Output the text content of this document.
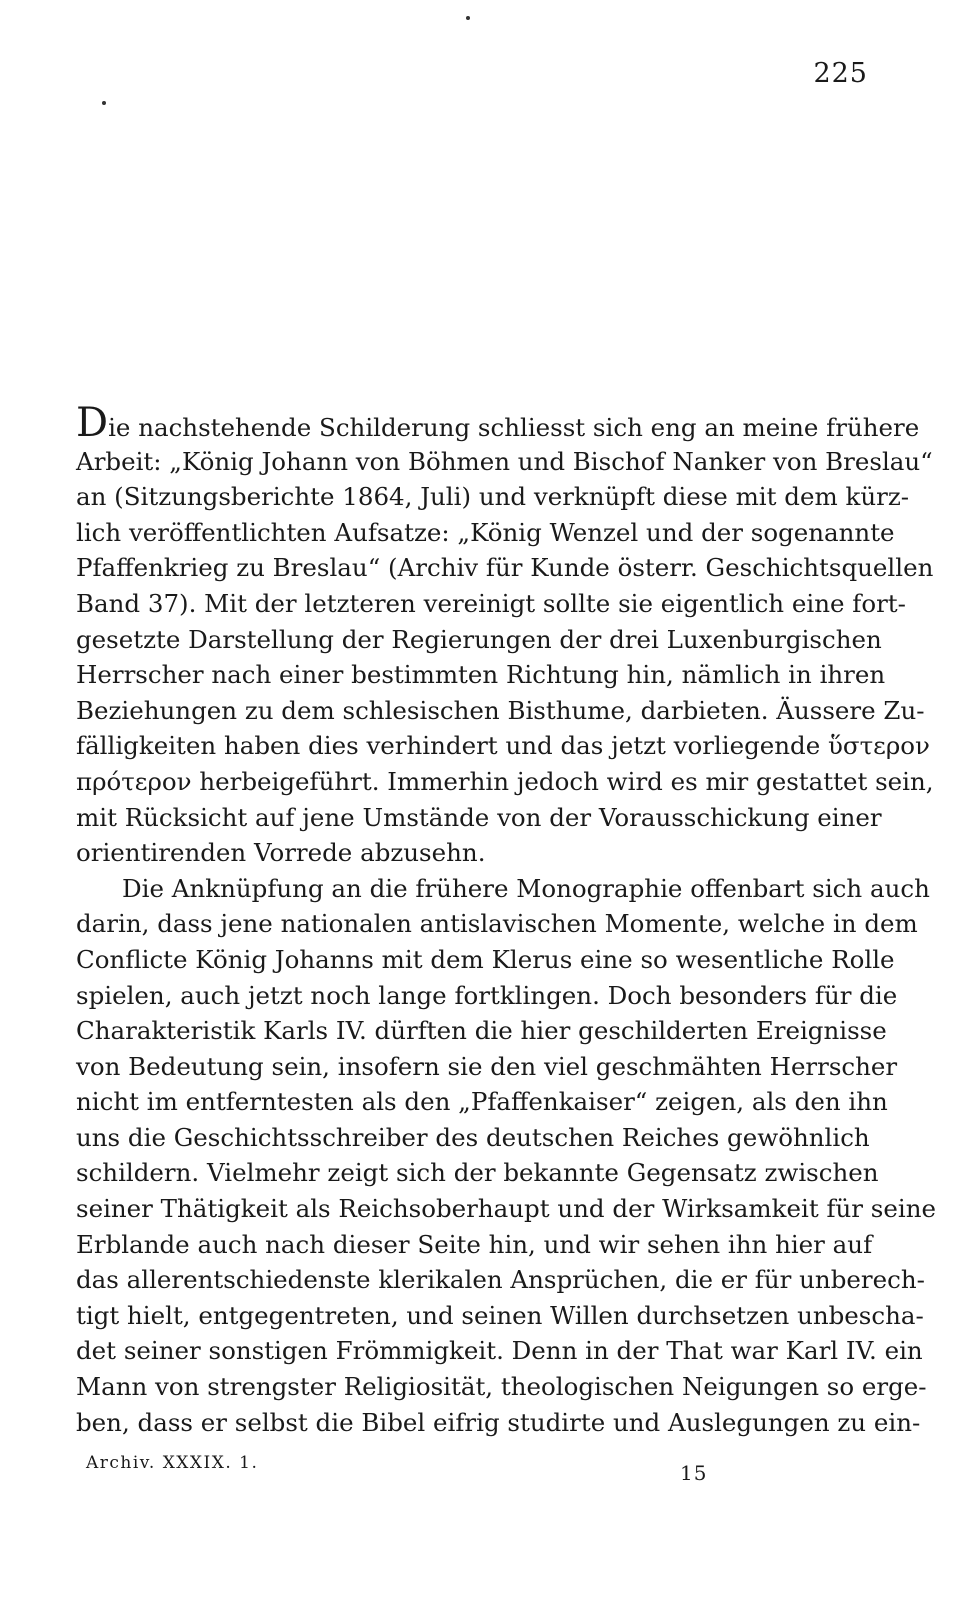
225
Die nachstehende Schilderung schliesst sich eng an meine frühere
Arbeit: „König Johann von Böhmen und Bischof Nanker von Breslau“
an (Sitzungsberichte 1864, Juli) und verknüpft diese mit dem kürz-
lich veröffentlichten Aufsatze: „König Wenzel und der sogenannte
Pfaffenkrieg zu Breslau“ (Archiv für Kunde österr. Geschichtsquellen
Band 37). Mit der letzteren vereinigt sollte sie eigentlich eine fort-
gesetzte Darstellung der Regierungen der drei Luxenburgischen
Herrscher nach einer bestimmten Richtung hin, nämlich in ihren
Beziehungen zu dem schlesischen Bisthume, darbieten. Äussere Zu-
fälligkeiten haben dies verhindert und das jetzt vorliegende ὕστερον
πρότερον herbeigeführt. Immerhin jedoch wird es mir gestattet sein,
mit Rücksicht auf jene Umstände von der Vorausschickung einer
orientirenden Vorrede abzusehn.
Die Anknüpfung an die frühere Monographie offenbart sich auch
darin, dass jene nationalen antislavischen Momente, welche in dem
Conflicte König Johanns mit dem Klerus eine so wesentliche Rolle
spielen, auch jetzt noch lange fortklingen. Doch besonders für die
Charakteristik Karls IV. dürften die hier geschilderten Ereignisse
von Bedeutung sein, insofern sie den viel geschmähten Herrscher
nicht im entferntesten als den „Pfaffenkaiser“ zeigen, als den ihn
uns die Geschichtsschreiber des deutschen Reiches gewöhnlich
schildern. Vielmehr zeigt sich der bekannte Gegensatz zwischen
seiner Thätigkeit als Reichsoberhaupt und der Wirksamkeit für seine
Erblande auch nach dieser Seite hin, und wir sehen ihn hier auf
das allerentschiedenste klerikalen Ansprüchen, die er für unberech-
tigt hielt, entgegentreten, und seinen Willen durchsetzen unbescha-
det seiner sonstigen Frömmigkeit. Denn in der That war Karl IV. ein
Mann von strengster Religiosität, theologischen Neigungen so erge-
ben, dass er selbst die Bibel eifrig studirte und Auslegungen zu ein-
Archiv. XXXIX. 1.	15
